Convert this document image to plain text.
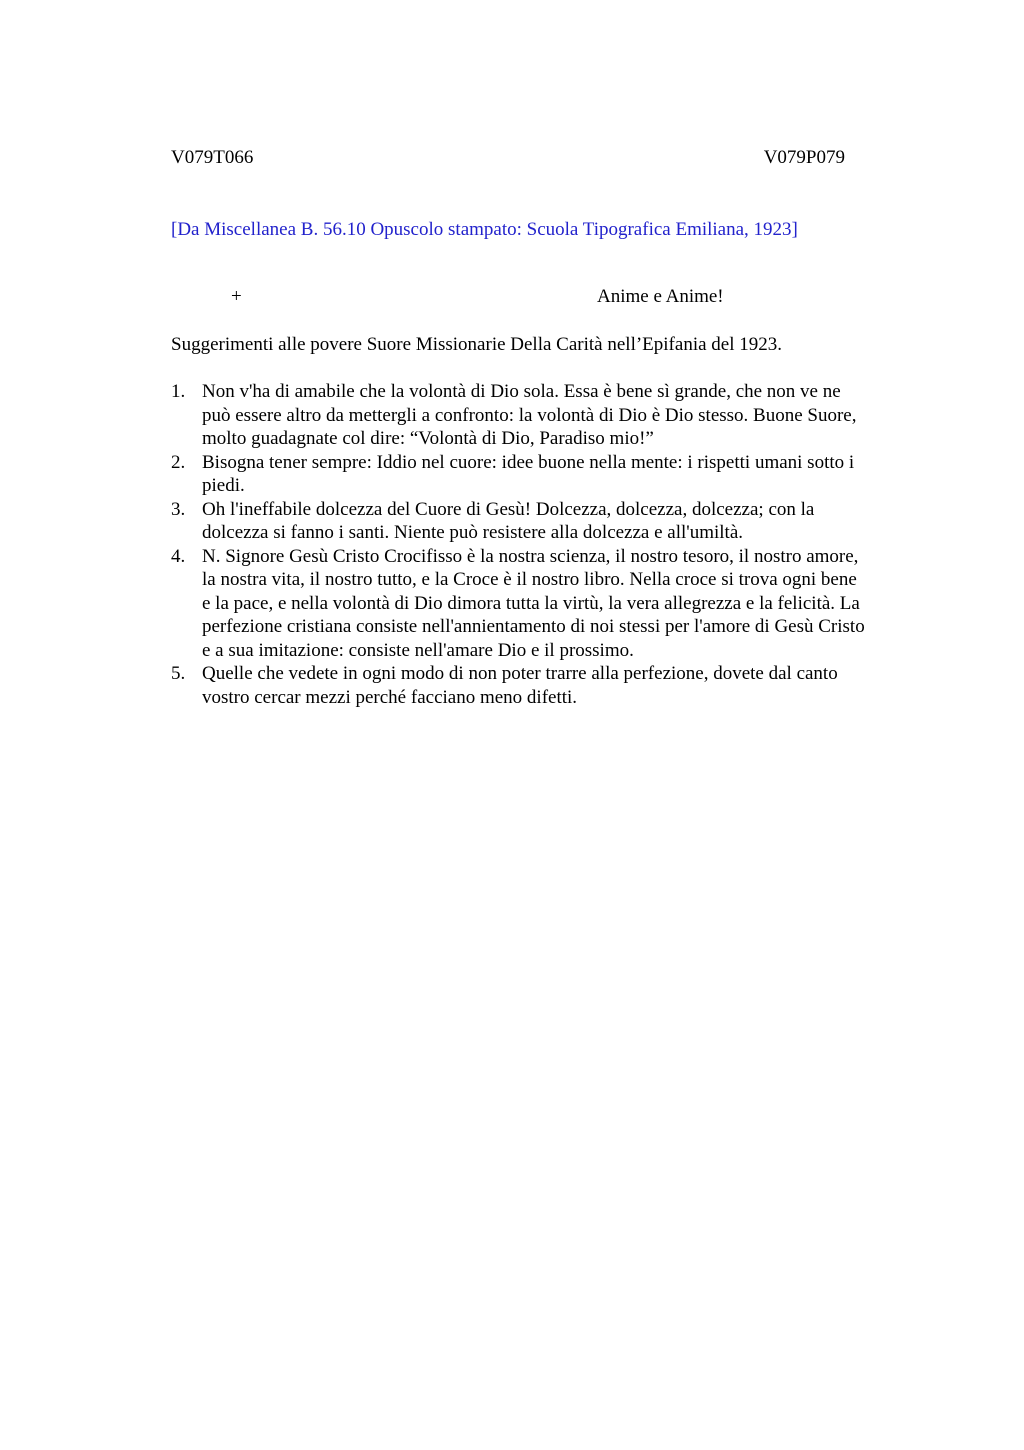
V079T066	V079P079
[Da Miscellanea B. 56.10 Opuscolo stampato: Scuola Tipografica Emiliana, 1923]
+	Anime e Anime!
Suggerimenti alle povere Suore Missionarie Della Carità nell’Epifania del 1923.
1. Non v'ha di amabile che la volontà di Dio sola. Essa è bene sì grande, che non ve ne
può essere altro da mettergli a confronto: la volontà di Dio è Dio stesso. Buone Suore,
molto guadagnate col dire: “Volontà di Dio, Paradiso mio!”
2. Bisogna tener sempre: Iddio nel cuore: idee buone nella mente: i rispetti umani sotto i
piedi.
3. Oh l'ineffabile dolcezza del Cuore di Gesù! Dolcezza, dolcezza, dolcezza; con la
dolcezza si fanno i santi. Niente può resistere alla dolcezza e all'umiltà.
4. N. Signore Gesù Cristo Crocifisso è la nostra scienza, il nostro tesoro, il nostro amore,
la nostra vita, il nostro tutto, e la Croce è il nostro libro. Nella croce si trova ogni bene
e la pace, e nella volontà di Dio dimora tutta la virtù, la vera allegrezza e la felicità. La
perfezione cristiana consiste nell'annientamento di noi stessi per l'amore di Gesù Cristo
e a sua imitazione: consiste nell'amare Dio e il prossimo.
5. Quelle che vedete in ogni modo di non poter trarre alla perfezione, dovete dal canto
vostro cercar mezzi perché facciano meno difetti.
